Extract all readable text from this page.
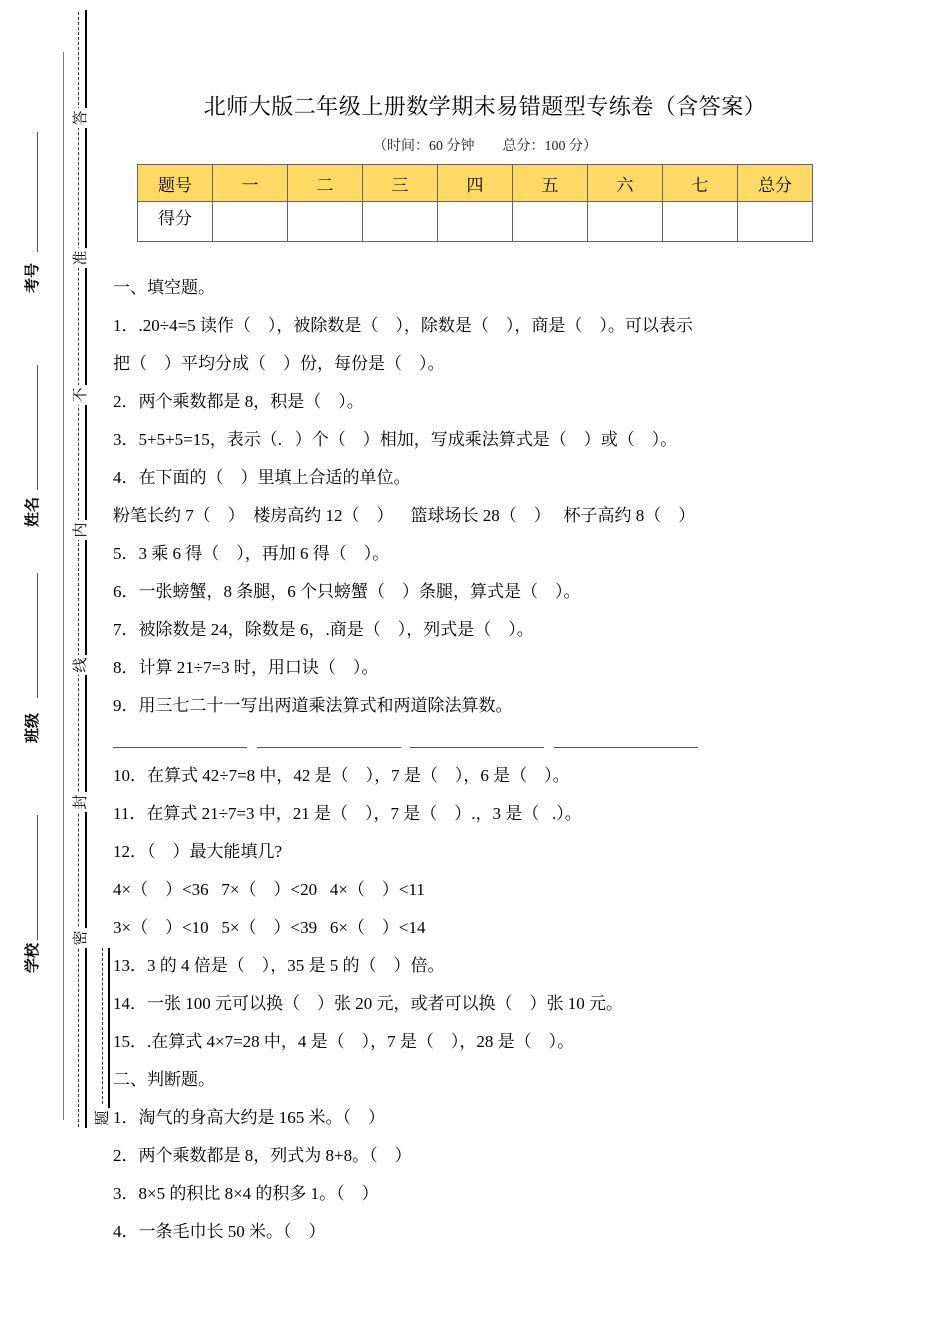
考号
姓名
班级
学校
答
准
不
内
线
封
密
题
北师大版二年级上册数学期末易错题型专练卷（含答案）
（时间：60 分钟        总分：100 分）
题号	一	二	三	四	五	六	七	总分
得分								
一、填空题。
1．.20÷4=5 读作（    ），被除数是（    ），除数是（    ），商是（    ）。可以表示
把（    ）平均分成（    ）份，每份是（    ）。
2．两个乘数都是 8，积是（    ）。
3．5+5+5=15，表示（.   ）个（    ）相加，写成乘法算式是（    ）或（    ）。
4．在下面的（    ）里填上合适的单位。
粉笔长约 7（    ）  楼房高约 12（    ）    篮球场长 28（    ）   杯子高约 8（    ）
5．3 乘 6 得（    ），再加 6 得（    ）。
6．一张螃蟹，8 条腿，6 个只螃蟹（    ）条腿，算式是（    ）。
7．被除数是 24，除数是 6，.商是（    ），列式是（    ）。
8．计算 21÷7=3 时，用口诀（    ）。
9．用三七二十一写出两道乘法算式和两道除法算数。
10．在算式 42÷7=8 中，42 是（    ），7 是（    ），6 是（    ）。
11．在算式 21÷7=3 中，21 是（    ），7 是（    ）.，3 是（   .）。
12．（    ）最大能填几?
4×（    ）<36   7×（    ）<20   4×（    ）<11
3×（    ）<10   5×（    ）<39   6×（    ）<14
13．3 的 4 倍是（    ），35 是 5 的（    ）倍。
14．一张 100 元可以换（    ）张 20 元，或者可以换（    ）张 10 元。
15．.在算式 4×7=28 中，4 是（    ），7 是（    ），28 是（    ）。
二、判断题。
1．淘气的身高大约是 165 米。（    ）
2．两个乘数都是 8，列式为 8+8。（    ）
3．8×5 的积比 8×4 的积多 1。（    ）
4．一条毛巾长 50 米。（    ）
